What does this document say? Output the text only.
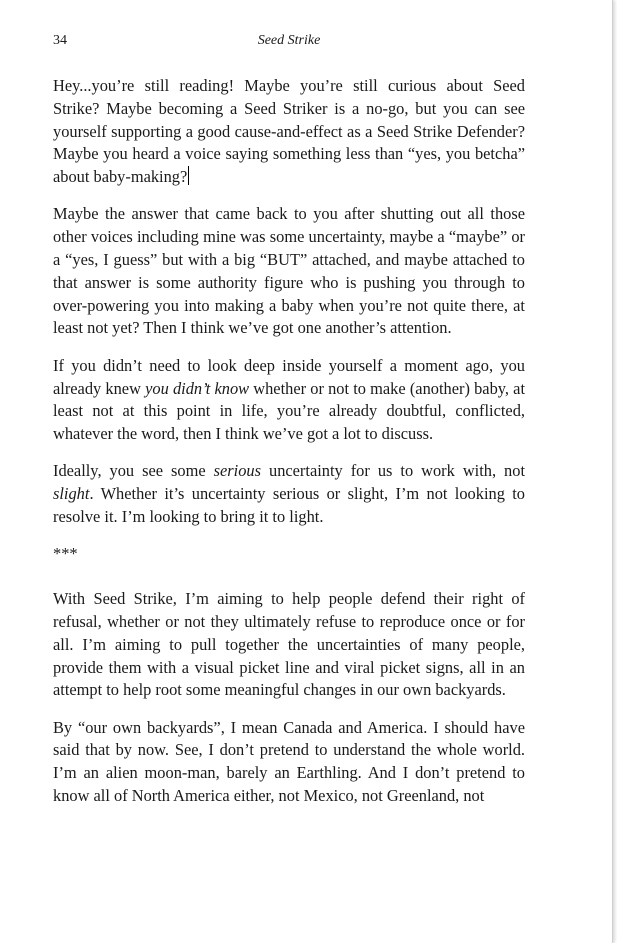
34	Seed Strike

Hey...you’re still reading! Maybe you’re still curious about Seed Strike? Maybe becoming a Seed Striker is a no-go, but you can see yourself supporting a good cause-and-effect as a Seed Strike Defender? Maybe you heard a voice saying something less than “yes, you betcha” about baby-making?

Maybe the answer that came back to you after shutting out all those other voices including mine was some uncertainty, maybe a “maybe” or a “yes, I guess” but with a big “BUT” attached, and maybe attached to that answer is some authority figure who is pushing you through to over-powering you into making a baby when you’re not quite there, at least not yet? Then I think we’ve got one another’s attention.

If you didn’t need to look deep inside yourself a moment ago, you already knew you didn’t know whether or not to make (another) baby, at least not at this point in life, you’re already doubtful, conflicted, whatever the word, then I think we’ve got a lot to discuss.

Ideally, you see some serious uncertainty for us to work with, not slight. Whether it’s uncertainty serious or slight, I’m not looking to resolve it. I’m looking to bring it to light.

***

With Seed Strike, I’m aiming to help people defend their right of refusal, whether or not they ultimately refuse to reproduce once or for all. I’m aiming to pull together the uncertainties of many people, provide them with a visual picket line and viral picket signs, all in an attempt to help root some meaningful changes in our own backyards.

By “our own backyards”, I mean Canada and America. I should have said that by now. See, I don’t pretend to understand the whole world. I’m an alien moon-man, barely an Earthling. And I don’t pretend to know all of North America either, not Mexico, not Greenland, not
